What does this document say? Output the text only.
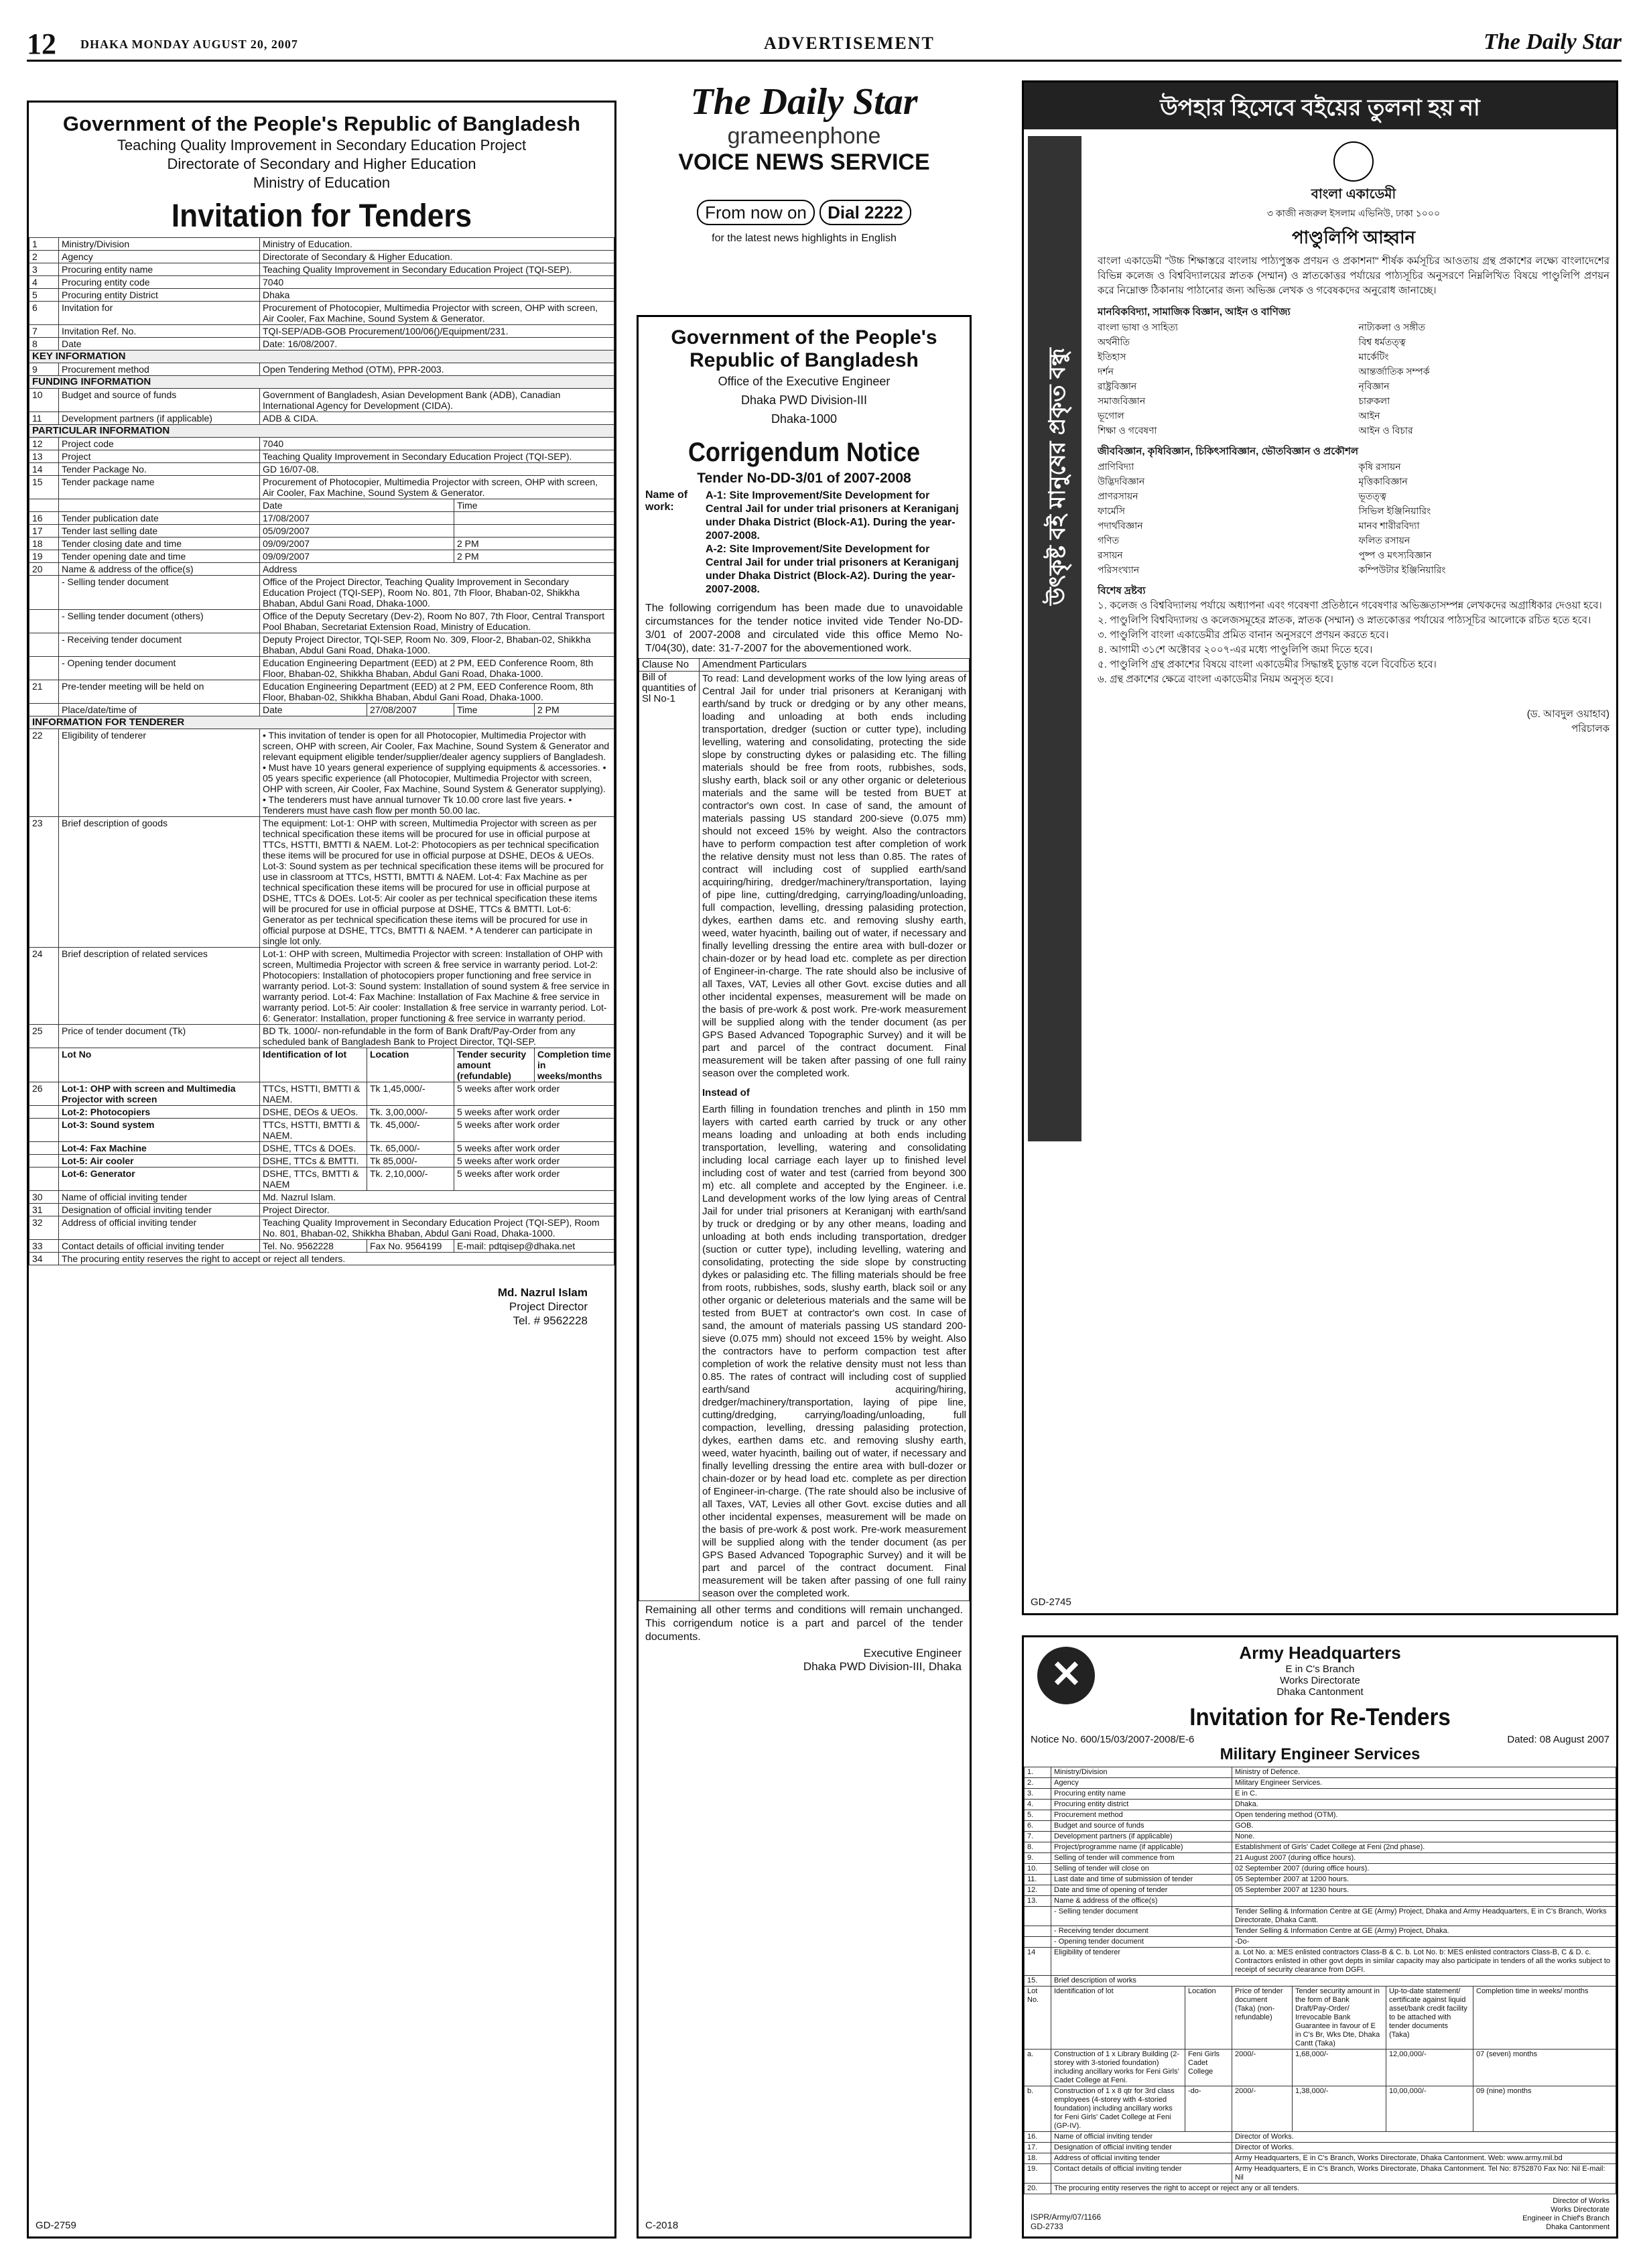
12 DHAKA MONDAY AUGUST 20, 2007	ADVERTISEMENT	The Daily Star
Government of the People's Republic of Bangladesh
Teaching Quality Improvement in Secondary Education Project
Directorate of Secondary and Higher Education
Ministry of Education
Invitation for Tenders
1	Ministry/Division	Ministry of Education.			
2	Agency	Directorate of Secondary & Higher Education.			
3	Procuring entity name	Teaching Quality Improvement in Secondary Education Project (TQI-SEP).			
4	Procuring entity code	7040			
5	Procuring entity District	Dhaka			
6	Invitation for	Procurement of Photocopier, Multimedia Projector with screen, OHP with screen, Air Cooler, Fax Machine, Sound System & Generator.			
7	Invitation Ref. No.	TQI-SEP/ADB-GOB Procurement/100/06()/Equipment/231.			
8	Date	Date: 16/08/2007.			
KEY INFORMATION					
9	Procurement method	Open Tendering Method (OTM), PPR-2003.			
FUNDING INFORMATION					
10	Budget and source of funds	Government of Bangladesh, Asian Development Bank (ADB), Canadian International Agency for Development (CIDA).			
11	Development partners (if applicable)	ADB & CIDA.			
PARTICULAR INFORMATION					
12	Project code	7040			
13	Project	Teaching Quality Improvement in Secondary Education Project (TQI-SEP).			
14	Tender Package No.	GD 16/07-08.			
15	Tender package name	Procurement of Photocopier, Multimedia Projector with screen, OHP with screen, Air Cooler, Fax Machine, Sound System & Generator.			
		Date		Time	
16	Tender publication date	17/08/2007			
17	Tender last selling date	05/09/2007			
18	Tender closing date and time	09/09/2007		2 PM	
19	Tender opening date and time	09/09/2007		2 PM	
20	Name & address of the office(s)	Address			
	- Selling tender document	Office of the Project Director, Teaching Quality Improvement in Secondary Education Project (TQI-SEP), Room No. 801, 7th Floor, Bhaban-02, Shikkha Bhaban, Abdul Gani Road, Dhaka-1000.			
	- Selling tender document (others)	Office of the Deputy Secretary (Dev-2), Room No 807, 7th Floor, Central Transport Pool Bhaban, Secretariat Extension Road, Ministry of Education.			
	- Receiving tender document	Deputy Project Director, TQI-SEP, Room No. 309, Floor-2, Bhaban-02, Shikkha Bhaban, Abdul Gani Road, Dhaka-1000.			
	- Opening tender document	Education Engineering Department (EED) at 2 PM, EED Conference Room, 8th Floor, Bhaban-02, Shikkha Bhaban, Abdul Gani Road, Dhaka-1000.			
21	Pre-tender meeting will be held on	Education Engineering Department (EED) at 2 PM, EED Conference Room, 8th Floor, Bhaban-02, Shikkha Bhaban, Abdul Gani Road, Dhaka-1000.			
	Place/date/time of	Date	27/08/2007	Time	2 PM
INFORMATION FOR TENDERER					
22	Eligibility of tenderer	• This invitation of tender is open for all Photocopier, Multimedia Projector with screen, OHP with screen, Air Cooler, Fax Machine, Sound System & Generator and relevant equipment eligible tender/supplier/dealer agency suppliers of Bangladesh. • Must have 10 years general experience of supplying equipments & accessories. • 05 years specific experience (all Photocopier, Multimedia Projector with screen, OHP with screen, Air Cooler, Fax Machine, Sound System & Generator supplying). • The tenderers must have annual turnover Tk 10.00 crore last five years. • Tenderers must have cash flow per month 50.00 lac.			
23	Brief description of goods	The equipment: Lot-1: OHP with screen, Multimedia Projector with screen as per technical specification these items will be procured for use in official purpose at TTCs, HSTTI, BMTTI & NAEM. Lot-2: Photocopiers as per technical specification these items will be procured for use in official purpose at DSHE, DEOs & UEOs. Lot-3: Sound system as per technical specification these items will be procured for use in classroom at TTCs, HSTTI, BMTTI & NAEM. Lot-4: Fax Machine as per technical specification these items will be procured for use in official purpose at DSHE, TTCs & DOEs. Lot-5: Air cooler as per technical specification these items will be procured for use in official purpose at DSHE, TTCs & BMTTI. Lot-6: Generator as per technical specification these items will be procured for use in official purpose at DSHE, TTCs, BMTTI & NAEM. * A tenderer can participate in single lot only.			
24	Brief description of related services	Lot-1: OHP with screen, Multimedia Projector with screen: Installation of OHP with screen, Multimedia Projector with screen & free service in warranty period. Lot-2: Photocopiers: Installation of photocopiers proper functioning and free service in warranty period. Lot-3: Sound system: Installation of sound system & free service in warranty period. Lot-4: Fax Machine: Installation of Fax Machine & free service in warranty period. Lot-5: Air cooler: Installation & free service in warranty period. Lot-6: Generator: Installation, proper functioning & free service in warranty period.			
25	Price of tender document (Tk)	BD Tk. 1000/- non-refundable in the form of Bank Draft/Pay-Order from any scheduled bank of Bangladesh Bank to Project Director, TQI-SEP.			
	Lot No	Identification of lot	Location	Tender security amount (refundable)	Completion time in weeks/months
26	Lot-1: OHP with screen and Multimedia Projector with screen	TTCs, HSTTI, BMTTI & NAEM.	Tk 1,45,000/-	5 weeks after work order	
	Lot-2: Photocopiers	DSHE, DEOs & UEOs.	Tk. 3,00,000/-	5 weeks after work order	
	Lot-3: Sound system	TTCs, HSTTI, BMTTI & NAEM.	Tk. 45,000/-	5 weeks after work order	
	Lot-4: Fax Machine	DSHE, TTCs & DOEs.	Tk. 65,000/-	5 weeks after work order	
	Lot-5: Air cooler	DSHE, TTCs & BMTTI.	Tk 85,000/-	5 weeks after work order	
	Lot-6: Generator	DSHE, TTCs, BMTTI & NAEM	Tk. 2,10,000/-	5 weeks after work order	
30	Name of official inviting tender	Md. Nazrul Islam.			
31	Designation of official inviting tender	Project Director.			
32	Address of official inviting tender	Teaching Quality Improvement in Secondary Education Project (TQI-SEP), Room No. 801, Bhaban-02, Shikkha Bhaban, Abdul Gani Road, Dhaka-1000.			
33	Contact details of official inviting tender	Tel. No. 9562228	Fax No. 9564199	E-mail: pdtqisep@dhaka.net	
34	The procuring entity reserves the right to accept or reject all tenders.				
Md. Nazrul Islam
Project Director
Tel. # 9562228
GD-2759
The Daily Star
grameenphone
VOICE NEWS SERVICE
From now on Dial 2222
for the latest news highlights in English
Government of the People's Republic of Bangladesh
Office of the Executive Engineer
Dhaka PWD Division-III
Dhaka-1000
Corrigendum Notice
Tender No-DD-3/01 of 2007-2008
Name of work:
A-1: Site Improvement/Site Development for Central Jail for under trial prisoners at Keraniganj under Dhaka District (Block-A1). During the year-2007-2008.
A-2: Site Improvement/Site Development for Central Jail for under trial prisoners at Keraniganj under Dhaka District (Block-A2). During the year-2007-2008.
The following corrigendum has been made due to unavoidable circumstances for the tender notice invited vide Tender No-DD-3/01 of 2007-2008 and circulated vide this office Memo No-T/04(30), date: 31-7-2007 for the abovementioned work.
Clause No	Amendment Particulars
Bill of quantities of Sl No-1	To read: Land development works of the low lying areas of Central Jail for under trial prisoners at Keraniganj with earth/sand by truck or dredging or by any other means, loading and unloading at both ends including transportation, dredger (suction or cutter type), including levelling, watering and consolidating, protecting the side slope by constructing dykes or palasiding etc. The filling materials should be free from roots, rubbishes, sods, slushy earth, black soil or any other organic or deleterious materials and the same will be tested from BUET at contractor's own cost. In case of sand, the amount of materials passing US standard 200-sieve (0.075 mm) should not exceed 15% by weight. Also the contractors have to perform compaction test after completion of work the relative density must not less than 0.85. The rates of contract will including cost of supplied earth/sand acquiring/hiring, dredger/machinery/transportation, laying of pipe line, cutting/dredging, carrying/loading/unloading, full compaction, levelling, dressing palasiding protection, dykes, earthen dams etc. and removing slushy earth, weed, water hyacinth, bailing out of water, if necessary and finally levelling dressing the entire area with bull-dozer or chain-dozer or by head load etc. complete as per direction of Engineer-in-charge. The rate should also be inclusive of all Taxes, VAT, Levies all other Govt. excise duties and all other incidental expenses, measurement will be made on the basis of pre-work & post work. Pre-work measurement will be supplied along with the tender document (as per GPS Based Advanced Topographic Survey) and it will be part and parcel of the contract document. Final measurement will be taken after passing of one full rainy season over the completed work.
Instead of
Earth filling in foundation trenches and plinth in 150 mm layers with carted earth carried by truck or any other means loading and unloading at both ends including transportation, levelling, watering and consolidating including local carriage each layer up to finished level including cost of water and test (carried from beyond 300 m) etc. all complete and accepted by the Engineer. i.e. Land development works of the low lying areas of Central Jail for under trial prisoners at Keraniganj with earth/sand by truck or dredging or by any other means, loading and unloading at both ends including transportation, dredger (suction or cutter type), including levelling, watering and consolidating, protecting the side slope by constructing dykes or palasiding etc. The filling materials should be free from roots, rubbishes, sods, slushy earth, black soil or any other organic or deleterious materials and the same will be tested from BUET at contractor's own cost. In case of sand, the amount of materials passing US standard 200-sieve (0.075 mm) should not exceed 15% by weight. Also the contractors have to perform compaction test after completion of work the relative density must not less than 0.85. The rates of contract will including cost of supplied earth/sand acquiring/hiring, dredger/machinery/transportation, laying of pipe line, cutting/dredging, carrying/loading/unloading, full compaction, levelling, dressing palasiding protection, dykes, earthen dams etc. and removing slushy earth, weed, water hyacinth, bailing out of water, if necessary and finally levelling dressing the entire area with bull-dozer or chain-dozer or by head load etc. complete as per direction of Engineer-in-charge. (The rate should also be inclusive of all Taxes, VAT, Levies all other Govt. excise duties and all other incidental expenses, measurement will be made on the basis of pre-work & post work. Pre-work measurement will be supplied along with the tender document (as per GPS Based Advanced Topographic Survey) and it will be part and parcel of the contract document. Final measurement will be taken after passing of one full rainy season over the completed work.
Remaining all other terms and conditions will remain unchanged. This corrigendum notice is a part and parcel of the tender documents.
Executive Engineer
Dhaka PWD Division-III, Dhaka
C-2018
উপহার হিসেবে বইয়ের তুলনা হয় না
উৎকৃষ্ট বই মানুষের প্রকৃত বন্ধু
বাংলা একাডেমী
৩ কাজী নজরুল ইসলাম এভিনিউ, ঢাকা ১০০০
পাণ্ডুলিপি আহ্বান
বাংলা একাডেমী "উচ্চ শিক্ষাস্তরে বাংলায় পাঠ্যপুস্তক প্রণয়ন ও প্রকাশনা" শীর্ষক কর্মসূচির আওতায় গ্রন্থ প্রকাশের লক্ষ্যে বাংলাদেশের বিভিন্ন কলেজ ও বিশ্ববিদ্যালয়ের স্নাতক (সম্মান) ও স্নাতকোত্তর পর্যায়ের পাঠ্যসূচির অনুসরণে নিম্নলিখিত বিষয়ে পাণ্ডুলিপি প্রণয়ন করে নিম্নোক্ত ঠিকানায় পাঠানোর জন্য অভিজ্ঞ লেখক ও গবেষকদের অনুরোধ জানাচ্ছে।
মানবিকবিদ্যা, সামাজিক বিজ্ঞান, আইন ও বাণিজ্য
বাংলা ভাষা ও সাহিত্য
অর্থনীতি
ইতিহাস
দর্শন
রাষ্ট্রবিজ্ঞান
সমাজবিজ্ঞান
ভূগোল
শিক্ষা ও গবেষণা
নাট্যকলা ও সঙ্গীত
বিশ্ব ধর্মতত্ত্ব
মার্কেটিং
আন্তর্জাতিক সম্পর্ক
নৃবিজ্ঞান
চারুকলা
আইন
আইন ও বিচার
জীববিজ্ঞান, কৃষিবিজ্ঞান, চিকিৎসাবিজ্ঞান, ভৌতবিজ্ঞান ও প্রকৌশল
প্রাণিবিদ্যা
উদ্ভিদবিজ্ঞান
প্রাণরসায়ন
ফার্মেসি
পদার্থবিজ্ঞান
গণিত
রসায়ন
পরিসংখ্যান
কৃষি রসায়ন
মৃত্তিকাবিজ্ঞান
ভূতত্ত্ব
সিভিল ইঞ্জিনিয়ারিং
মানব শারীরবিদ্যা
ফলিত রসায়ন
পুষ্প ও মৎস্যবিজ্ঞান
কম্পিউটার ইঞ্জিনিয়ারিং
বিশেষ দ্রষ্টব্য
১. কলেজ ও বিশ্ববিদ্যালয় পর্যায়ে অধ্যাপনা এবং গবেষণা প্রতিষ্ঠানে গবেষণার অভিজ্ঞতাসম্পন্ন লেখকদের অগ্রাধিকার দেওয়া হবে।
২. পাণ্ডুলিপি বিশ্ববিদ্যালয় ও কলেজসমূহের স্নাতক, স্নাতক (সম্মান) ও স্নাতকোত্তর পর্যায়ের পাঠ্যসূচির আলোকে রচিত হতে হবে।
৩. পাণ্ডুলিপি বাংলা একাডেমীর প্রমিত বানান অনুসরণে প্রণয়ন করতে হবে।
৪. আগামী ৩১শে অক্টোবর ২০০৭-এর মধ্যে পাণ্ডুলিপি জমা দিতে হবে।
৫. পাণ্ডুলিপি গ্রন্থ প্রকাশের বিষয়ে বাংলা একাডেমীর সিদ্ধান্তই চূড়ান্ত বলে বিবেচিত হবে।
৬. গ্রন্থ প্রকাশের ক্ষেত্রে বাংলা একাডেমীর নিয়ম অনুসৃত হবে।
(ড. আবদুল ওয়াহাব)
পরিচালক
GD-2745
✕
Army Headquarters
E in C's Branch
Works Directorate
Dhaka Cantonment
Invitation for Re-Tenders
Notice No. 600/15/03/2007-2008/E-6	Dated: 08 August 2007
Military Engineer Services
1.	Ministry/Division		Ministry of Defence.			
2.	Agency		Military Engineer Services.			
3.	Procuring entity name		E in C.			
4.	Procuring entity district		Dhaka.			
5.	Procurement method		Open tendering method (OTM).			
6.	Budget and source of funds		GOB.			
7.	Development partners (if applicable)		None.			
8.	Project/programme name (if applicable)		Establishment of Girls' Cadet College at Feni (2nd phase).			
9.	Selling of tender will commence from		21 August 2007 (during office hours).			
10.	Selling of tender will close on		02 September 2007 (during office hours).			
11.	Last date and time of submission of tender		05 September 2007 at 1200 hours.			
12.	Date and time of opening of tender		05 September 2007 at 1230 hours.			
13.	Name & address of the office(s)					
	- Selling tender document		Tender Selling & Information Centre at GE (Army) Project, Dhaka and Army Headquarters, E in C's Branch, Works Directorate, Dhaka Cantt.			
	- Receiving tender document		Tender Selling & Information Centre at GE (Army) Project, Dhaka.			
	- Opening tender document		-Do-			
14	Eligibility of tenderer		a. Lot No. a: MES enlisted contractors Class-B & C. b. Lot No. b: MES enlisted contractors Class-B, C & D. c. Contractors enlisted in other govt depts in similar capacity may also participate in tenders of all the works subject to receipt of security clearance from DGFI.			
15.	Brief description of works					
Lot No.	Identification of lot	Location	Price of tender document (Taka) (non-refundable)	Tender security amount in the form of Bank Draft/Pay-Order/ Irrevocable Bank Guarantee in favour of E in C's Br, Wks Dte, Dhaka Cantt (Taka)	Up-to-date statement/ certificate against liquid asset/bank credit facility to be attached with tender documents (Taka)	Completion time in weeks/ months
a.	Construction of 1 x Library Building (2-storey with 3-storied foundation) including ancillary works for Feni Girls' Cadet College at Feni.	Feni Girls Cadet College	2000/-	1,68,000/-	12,00,000/-	07 (seven) months
b.	Construction of 1 x 8 qtr for 3rd class employees (4-storey with 4-storied foundation) including ancillary works for Feni Girls' Cadet College at Feni (GP-IV).	-do-	2000/-	1,38,000/-	10,00,000/-	09 (nine) months
16.	Name of official inviting tender		Director of Works.			
17.	Designation of official inviting tender		Director of Works.			
18.	Address of official inviting tender		Army Headquarters, E in C's Branch, Works Directorate, Dhaka Cantonment. Web: www.army.mil.bd			
19.	Contact details of official inviting tender		Army Headquarters, E in C's Branch, Works Directorate, Dhaka Cantonment. Tel No: 8752870 Fax No: Nil E-mail: Nil			
20.	The procuring entity reserves the right to accept or reject any or all tenders.					
Director of Works
Works Directorate
Engineer in Chief's Branch
Dhaka Cantonment
ISPR/Army/07/1166
GD-2733
